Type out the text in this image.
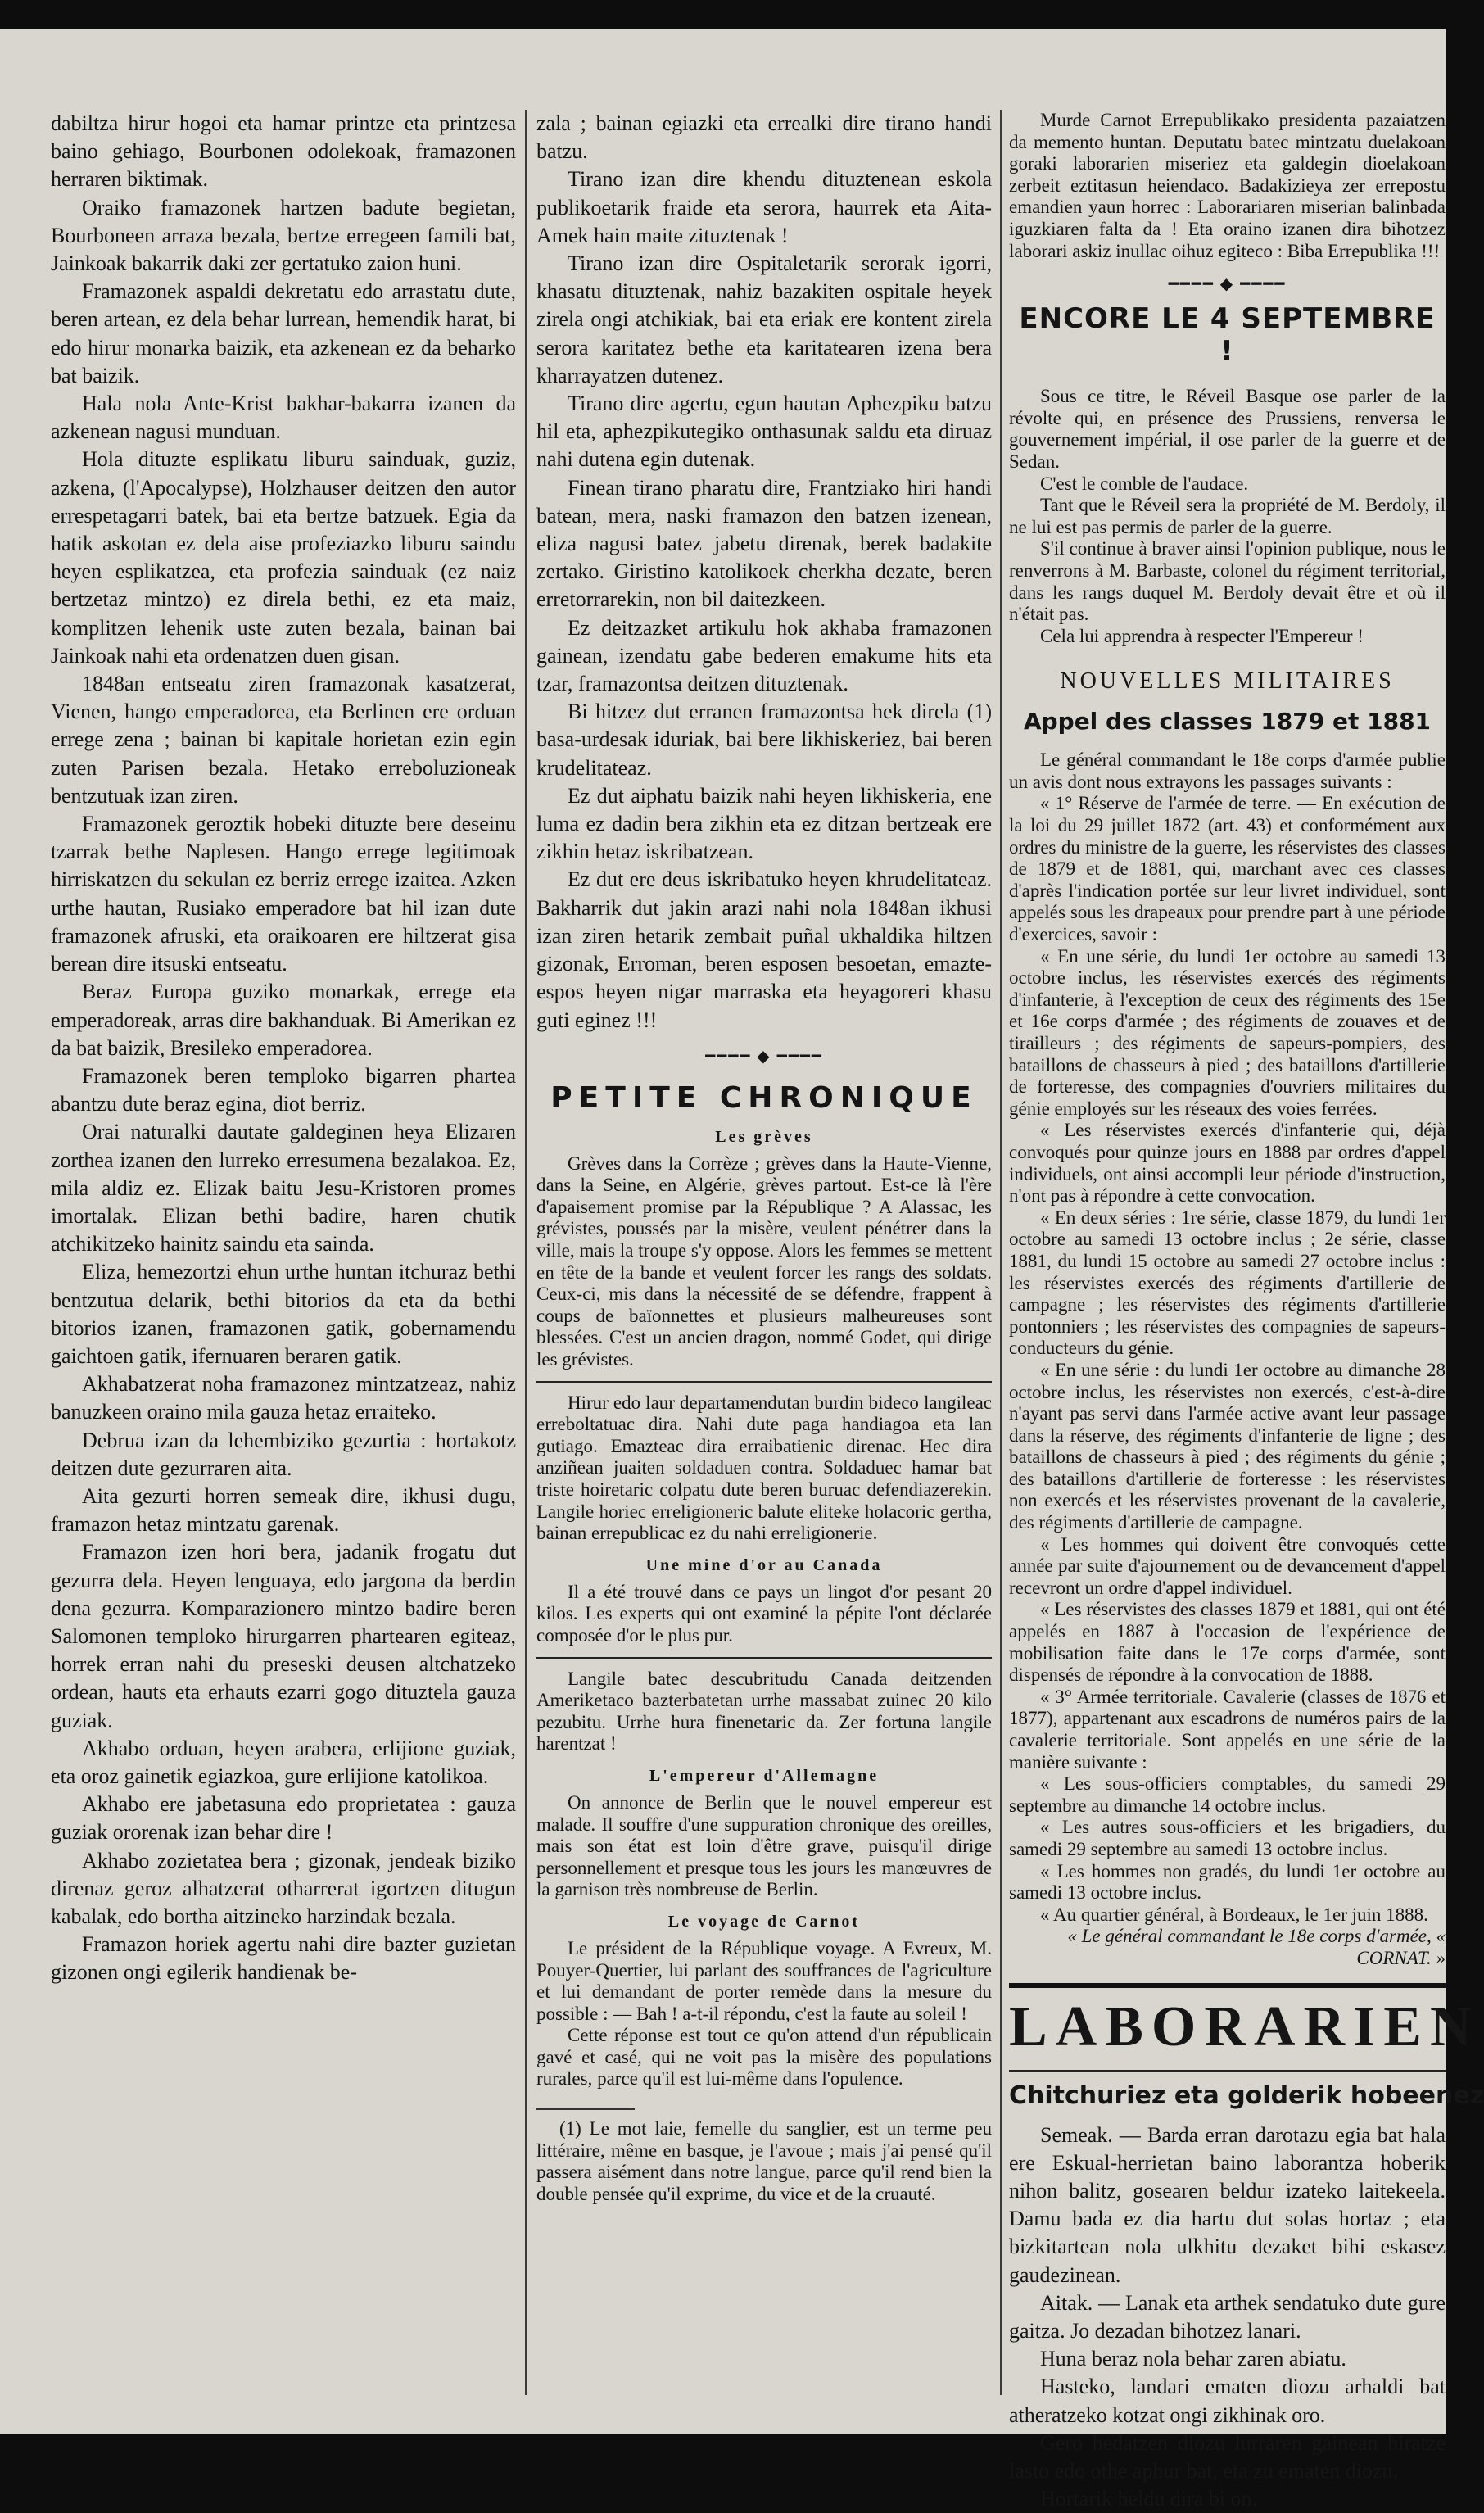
dabiltza hirur hogoi eta hamar printze eta printzesa baino gehiago, Bourbonen odolekoak, framazonen herraren biktimak.

Oraiko framazonek hartzen badute begietan, Bourboneen arraza bezala, bertze erregeen famili bat, Jainkoak bakarrik daki zer gertatuko zaion huni.

Framazonek aspaldi dekretatu edo arrastatu dute, beren artean, ez dela behar lurrean, hemendik harat, bi edo hirur monarka baizik, eta azkenean ez da beharko bat baizik.

Hala nola Ante-Krist bakhar-bakarra izanen da azkenean nagusi munduan.

Hola dituzte esplikatu liburu sainduak, guziz, azkena, (l'Apocalypse), Holzhauser deitzen den autor errespetagarri batek, bai eta bertze batzuek. Egia da hatik askotan ez dela aise profeziazko liburu saindu heyen esplikatzea, eta profezia sainduak (ez naiz bertzetaz mintzo) ez direla bethi, ez eta maiz, komplitzen lehenik uste zuten bezala, bainan bai Jainkoak nahi eta ordenatzen duen gisan.

1848an entseatu ziren framazonak kasatzerat, Vienen, hango emperadorea, eta Berlinen ere orduan errege zena ; bainan bi kapitale horietan ezin egin zuten Parisen bezala. Hetako erreboluzioneak bentzutuak izan ziren.

Framazonek geroztik hobeki dituzte bere deseinu tzarrak bethe Naplesen. Hango errege legitimoak hirriskatzen du sekulan ez berriz errege izaitea. Azken urthe hautan, Rusiako emperadore bat hil izan dute framazonek afruski, eta oraikoaren ere hiltzerat gisa berean dire itsuski entseatu.

Beraz Europa guziko monarkak, errege eta emperadoreak, arras dire bakhanduak. Bi Amerikan ez da bat baizik, Bresileko emperadorea.

Framazonek beren temploko bigarren phartea abantzu dute beraz egina, diot berriz.

Orai naturalki dautate galdeginen heya Elizaren zorthea izanen den lurreko erresumena bezalakoa. Ez, mila aldiz ez. Elizak baitu Jesu-Kristoren promes imortalak. Elizan bethi badire, haren chutik atchikitzeko hainitz saindu eta sainda.

Eliza, hemezortzi ehun urthe huntan itchuraz bethi bentzutua delarik, bethi bitorios da eta da bethi bitorios izanen, framazonen gatik, gobernamendu gaichtoen gatik, ifernuaren beraren gatik.

Akhabatzerat noha framazonez mintzatzeaz, nahiz banuzkeen oraino mila gauza hetaz erraiteko.

Debrua izan da lehembiziko gezurtia : hortakotz deitzen dute gezurraren aita.

Aita gezurti horren semeak dire, ikhusi dugu, framazon hetaz mintzatu garenak.

Framazon izen hori bera, jadanik frogatu dut gezurra dela. Heyen lenguaya, edo jargona da berdin dena gezurra. Komparazionero mintzo badire beren Salomonen temploko hirurgarren phartearen egiteaz, horrek erran nahi du preseski deusen altchatzeko ordean, hauts eta erhauts ezarri gogo dituztela gauza guziak.

Akhabo orduan, heyen arabera, erlijione guziak, eta oroz gainetik egiazkoa, gure erlijione katolikoa.

Akhabo ere jabetasuna edo proprietatea : gauza guziak ororenak izan behar dire !

Akhabo zozietatea bera ; gizonak, jendeak biziko direnaz geroz alhatzerat otharrerat igortzen ditugun kabalak, edo bortha aitzineko harzindak bezala.

Framazon horiek agertu nahi dire bazter guzietan gizonen ongi egilerik handienak be-

zala ; bainan egiazki eta errealki dire tirano handi batzu.

Tirano izan dire khendu dituztenean eskola publikoetarik fraide eta serora, haurrek eta Aita-Amek hain maite zituztenak !

Tirano izan dire Ospitaletarik serorak igorri, khasatu dituztenak, nahiz bazakiten ospitale heyek zirela ongi atchikiak, bai eta eriak ere kontent zirela serora karitatez bethe eta karitatearen izena bera kharrayatzen dutenez.

Tirano dire agertu, egun hautan Aphezpiku batzu hil eta, aphezpikutegiko onthasunak saldu eta diruaz nahi dutena egin dutenak.

Finean tirano pharatu dire, Frantziako hiri handi batean, mera, naski framazon den batzen izenean, eliza nagusi batez jabetu direnak, berek badakite zertako. Giristino katolikoek cherkha dezate, beren erretorrarekin, non bil daitezkeen.

Ez deitzazket artikulu hok akhaba framazonen gainean, izendatu gabe bederen emakume hits eta tzar, framazontsa deitzen dituztenak.

Bi hitzez dut erranen framazontsa hek direla (1) basa-urdesak iduriak, bai bere likhiskeriez, bai beren krudelitateaz.

Ez dut aiphatu baizik nahi heyen likhiskeria, ene luma ez dadin bera zikhin eta ez ditzan bertzeak ere zikhin hetaz iskribatzean.

Ez dut ere deus iskribatuko heyen khrudelitateaz. Bakharrik dut jakin arazi nahi nola 1848an ikhusi izan ziren hetarik zembait puñal ukhaldika hiltzen gizonak, Erroman, beren esposen besoetan, emazte-espos heyen nigar marraska eta heyagoreri khasu guti eginez !!!

━━━━ ◆ ━━━━
PETITE CHRONIQUE
Les grèves

Grèves dans la Corrèze ; grèves dans la Haute-Vienne, dans la Seine, en Algérie, grèves partout. Est-ce là l'ère d'apaisement promise par la République ? A Alassac, les grévistes, poussés par la misère, veulent pénétrer dans la ville, mais la troupe s'y oppose. Alors les femmes se mettent en tête de la bande et veulent forcer les rangs des soldats. Ceux-ci, mis dans la nécessité de se défendre, frappent à coups de baïonnettes et plusieurs malheureuses sont blessées. C'est un ancien dragon, nommé Godet, qui dirige les grévistes.

Hirur edo laur departamendutan burdin bideco langileac erreboltatuac dira. Nahi dute paga handiagoa eta lan gutiago. Emazteac dira erraibatienic direnac. Hec dira anziñean juaiten soldaduen contra. Soldaduec hamar bat triste hoiretaric colpatu dute beren buruac defendiazerekin. Langile horiec erreligioneric balute eliteke holacoric gertha, bainan errepublicac ez du nahi erreligionerie.

Une mine d'or au Canada

Il a été trouvé dans ce pays un lingot d'or pesant 20 kilos. Les experts qui ont examiné la pépite l'ont déclarée composée d'or le plus pur.

Langile batec descubritudu Canada deitzenden Ameriketaco bazterbatetan urrhe massabat zuinec 20 kilo pezubitu. Urrhe hura finenetaric da. Zer fortuna langile harentzat !

L'empereur d'Allemagne

On annonce de Berlin que le nouvel empereur est malade. Il souffre d'une suppuration chronique des oreilles, mais son état est loin d'être grave, puisqu'il dirige personnellement et presque tous les jours les manœuvres de la garnison très nombreuse de Berlin.

Le voyage de Carnot

Le président de la République voyage. A Evreux, M. Pouyer-Quertier, lui parlant des souffrances de l'agriculture et lui demandant de porter remède dans la mesure du possible : — Bah ! a-t-il répondu, c'est la faute au soleil !

Cette réponse est tout ce qu'on attend d'un républicain gavé et casé, qui ne voit pas la misère des populations rurales, parce qu'il est lui-même dans l'opulence.

(1) Le mot laie, femelle du sanglier, est un terme peu littéraire, même en basque, je l'avoue ; mais j'ai pensé qu'il passera aisément dans notre langue, parce qu'il rend bien la double pensée qu'il exprime, du vice et de la cruauté.

Murde Carnot Errepublikako presidenta pazaiatzen da memento huntan. Deputatu batec mintzatu duelakoan goraki laborarien miseriez eta galdegin dioelakoan zerbeit eztitasun heiendaco. Badakizieya zer errepostu emandien yaun horrec : Laborariaren miserian balinbada iguzkiaren falta da ! Eta oraino izanen dira bihotzez laborari askiz inullac oihuz egiteco : Biba Errepublika !!!

━━━━ ◆ ━━━━
ENCORE LE 4 SEPTEMBRE !

Sous ce titre, le Réveil Basque ose parler de la révolte qui, en présence des Prussiens, renversa le gouvernement impérial, il ose parler de la guerre et de Sedan.

C'est le comble de l'audace.

Tant que le Réveil sera la propriété de M. Berdoly, il ne lui est pas permis de parler de la guerre.

S'il continue à braver ainsi l'opinion publique, nous le renverrons à M. Barbaste, colonel du régiment territorial, dans les rangs duquel M. Berdoly devait être et où il n'était pas.

Cela lui apprendra à respecter l'Empereur !

NOUVELLES MILITAIRES
Appel des classes 1879 et 1881

Le général commandant le 18e corps d'armée publie un avis dont nous extrayons les passages suivants :

« 1° Réserve de l'armée de terre. — En exécution de la loi du 29 juillet 1872 (art. 43) et conformément aux ordres du ministre de la guerre, les réservistes des classes de 1879 et de 1881, qui, marchant avec ces classes d'après l'indication portée sur leur livret individuel, sont appelés sous les drapeaux pour prendre part à une période d'exercices, savoir :

« En une série, du lundi 1er octobre au samedi 13 octobre inclus, les réservistes exercés des régiments d'infanterie, à l'exception de ceux des régiments des 15e et 16e corps d'armée ; des régiments de zouaves et de tirailleurs ; des régiments de sapeurs-pompiers, des bataillons de chasseurs à pied ; des bataillons d'artillerie de forteresse, des compagnies d'ouvriers militaires du génie employés sur les réseaux des voies ferrées.

« Les réservistes exercés d'infanterie qui, déjà convoqués pour quinze jours en 1888 par ordres d'appel individuels, ont ainsi accompli leur période d'instruction, n'ont pas à répondre à cette convocation.

« En deux séries : 1re série, classe 1879, du lundi 1er octobre au samedi 13 octobre inclus ; 2e série, classe 1881, du lundi 15 octobre au samedi 27 octobre inclus : les réservistes exercés des régiments d'artillerie de campagne ; les réservistes des régiments d'artillerie pontonniers ; les réservistes des compagnies de sapeurs-conducteurs du génie.

« En une série : du lundi 1er octobre au dimanche 28 octobre inclus, les réservistes non exercés, c'est-à-dire n'ayant pas servi dans l'armée active avant leur passage dans la réserve, des régiments d'infanterie de ligne ; des bataillons de chasseurs à pied ; des régiments du génie ; des bataillons d'artillerie de forteresse : les réservistes non exercés et les réservistes provenant de la cavalerie, des régiments d'artillerie de campagne.

« Les hommes qui doivent être convoqués cette année par suite d'ajournement ou de devancement d'appel recevront un ordre d'appel individuel.

« Les réservistes des classes 1879 et 1881, qui ont été appelés en 1887 à l'occasion de l'expérience de mobilisation faite dans le 17e corps d'armée, sont dispensés de répondre à la convocation de 1888.

« 3° Armée territoriale. Cavalerie (classes de 1876 et 1877), appartenant aux escadrons de numéros pairs de la cavalerie territoriale. Sont appelés en une série de la manière suivante :

« Les sous-officiers comptables, du samedi 29 septembre au dimanche 14 octobre inclus.

« Les autres sous-officiers et les brigadiers, du samedi 29 septembre au samedi 13 octobre inclus.

« Les hommes non gradés, du lundi 1er octobre au samedi 13 octobre inclus.

« Au quartier général, à Bordeaux, le 1er juin 1888.

« Le général commandant le 18e corps d'armée, « CORNAT. »

LABORARIEN
Chitchuriez eta golderik hobeenez

Semeak. — Barda erran darotazu egia bat hala ere Eskual-herrietan baino laborantza hoberik nihon balitz, gosearen beldur izateko laitekeela. Damu bada ez dia hartu dut solas hortaz ; eta bizkitartean nola ulkhitu dezaket bihi eskasez gaudezinean.

Aitak. — Lanak eta arthek sendatuko dute gure gaitza. Jo dezadan bihotzez lanari.

Huna beraz nola behar zaren abiatu.

Hasteko, landari ematen diozu arhaldi bat atheratzeko kotzat ongi zikhinak oro.

Gero hedatzen diozu lurraren gainean hiratze lasto edo othe aphur bat, eta zu ematen diozu.

Hortarik heldu dira bi on.
